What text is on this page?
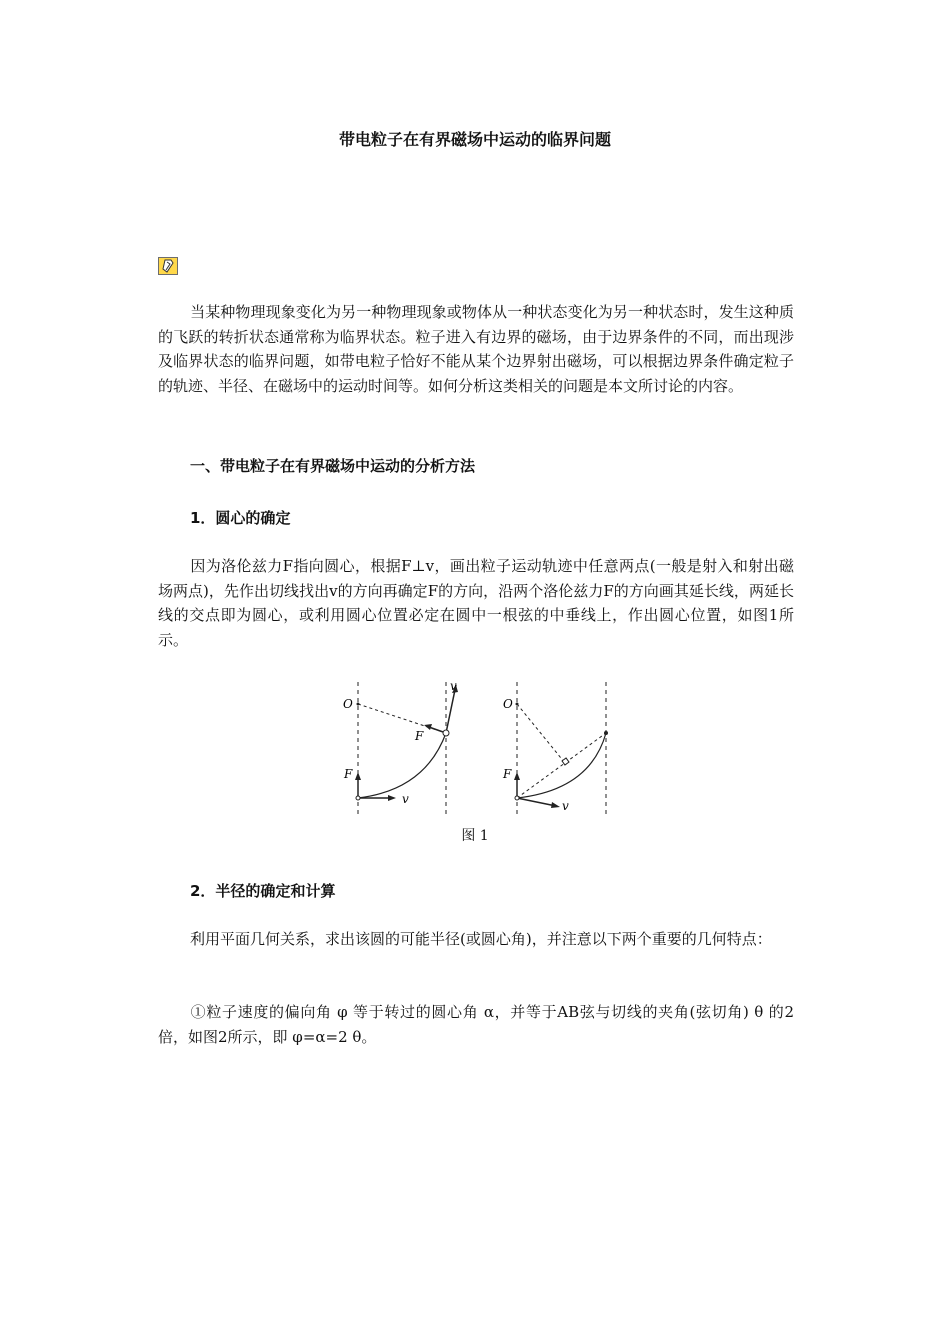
带电粒子在有界磁场中运动的临界问题

当某种物理现象变化为另一种物理现象或物体从一种状态变化为另一种状态时，发生这种质的飞跃的转折状态通常称为临界状态。粒子进入有边界的磁场，由于边界条件的不同，而出现涉及临界状态的临界问题，如带电粒子恰好不能从某个边界射出磁场，可以根据边界条件确定粒子的轨迹、半径、在磁场中的运动时间等。如何分析这类相关的问题是本文所讨论的内容。

一、带电粒子在有界磁场中运动的分析方法
1．圆心的确定

因为洛伦兹力F指向圆心，根据F⊥v，画出粒子运动轨迹中任意两点(一般是射入和射出磁场两点)，先作出切线找出v的方向再确定F的方向，沿两个洛伦兹力F的方向画其延长线，两延长线的交点即为圆心，或利用圆心位置必定在圆中一根弦的中垂线上，作出圆心位置，如图1所示。

O
F
v
F
v
O
F
v
图 1
2．半径的确定和计算

利用平面几何关系，求出该圆的可能半径(或圆心角)，并注意以下两个重要的几何特点：

①粒子速度的偏向角 φ 等于转过的圆心角 α，并等于AB弦与切线的夹角(弦切角) θ 的2倍，如图2所示，即 φ=α=2 θ。
